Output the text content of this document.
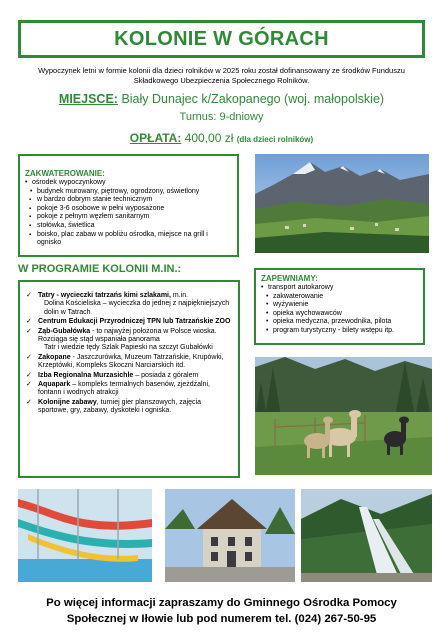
KOLONIE W GÓRACH

Wypoczynek letni w formie kolonii dla dzieci rolników w 2025 roku został dofinansowany ze środków Funduszu Składkowego Ubezpieczenia Społecznego Rolników.

MIEJSCE: Biały Dunajec k/Zakopanego (woj. małopolskie)
Turnus: 9-dniowy
OPŁATA: 400,00 zł (dla dzieci rolników)
ZAKWATEROWANIE:
• ośrodek wypoczynkowy
• budynek murowany, piętrowy, ogrodzony, oświetlony
▪ w bardzo dobrym stanie technicznym
▪ pokoje 3-6 osobowe w pełni wyposażone
▪ pokoje z pełnym węzłem sanitarnym
▪ stołówka, świetlica
▪ boisko, plac zabaw w pobliżu ośrodka, miejsce na grill i ognisko
W PROGRAMIE KOLONII M.IN.:
✓ Tatry - wycieczki tatrzańs kimi szlakami, m.in.
Dolina Kościeliska – wycieczka do jednej z najpiękniejszych dolin w Tatrach
✓ Centrum Edukacji Przyrodniczej TPN lub Tatrzańskie ZOO
✓ Ząb-Gubałówka - to najwyżej położona w Polsce wioska. Rozciąga się stąd wspaniała panorama
Tatr i wiedzie tędy Szlak Papieski na szczyt Gubałówki
✓ Zakopane - Jaszczurówka, Muzeum Tatrzańskie, Krupówki, Krzeptówki, Kompleks Skoczni Narciarskich itd.
✓ Izba Regionalna Murzasichle – posiada z góralem
✓ Aquapark – kompleks termalnych basenów, zjeżdżalni, fontann i wodnych atrakcji
✓ Kolonijne zabawy, turniej gier planszowych, zajęcia sportowe, gry, zabawy, dyskoteki i ogniska.
ZAPEWNIAMY:
• transport autokarowy
• zakwaterowanie
• wyżywienie
• opieka wychowawców
• opieka medyczna, przewodnika, pilota
• program turystyczny - bilety wstępu itp.
Po więcej informacji zapraszamy do Gminnego Ośrodka Pomocy
Społecznej w Iłowie lub pod numerem tel. (024) 267-50-95
